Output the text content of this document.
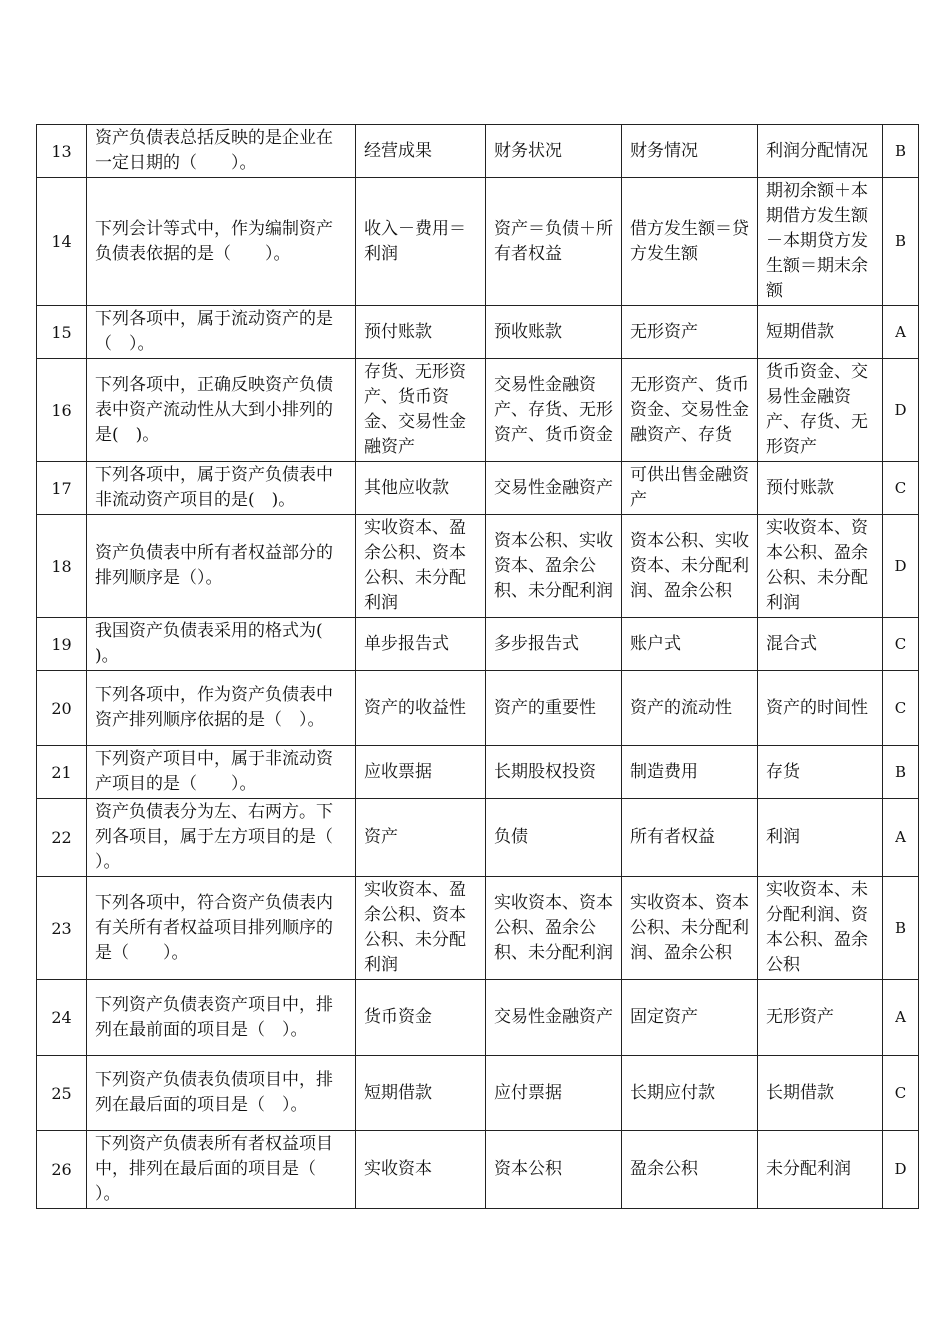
13	资产负债表总括反映的是企业在一定日期的（　　）。	经营成果	财务状况	财务情况	利润分配情况	B
14	下列会计等式中，作为编制资产负债表依据的是（　　）。	收入－费用＝利润	资产＝负债＋所有者权益	借方发生额＝贷方发生额	期初余额＋本期借方发生额－本期贷方发生额＝期末余额	B
15	下列各项中，属于流动资产的是（　）。	预付账款	预收账款	无形资产	短期借款	A
16	下列各项中，正确反映资产负债表中资产流动性从大到小排列的是(　)。	存货、无形资产、货币资金、交易性金融资产	交易性金融资产、存货、无形资产、货币资金	无形资产、货币资金、交易性金融资产、存货	货币资金、交易性金融资产、存货、无形资产	D
17	下列各项中，属于资产负债表中非流动资产项目的是(　)。	其他应收款	交易性金融资产	可供出售金融资产	预付账款	C
18	资产负债表中所有者权益部分的排列顺序是（）。	实收资本、盈余公积、资本公积、未分配利润	资本公积、实收资本、盈余公积、未分配利润	资本公积、实收资本、未分配利润、盈余公积	实收资本、资本公积、盈余公积、未分配利润	D
19	我国资产负债表采用的格式为(　　　)。	单步报告式	多步报告式	账户式	混合式	C
20	下列各项中，作为资产负债表中资产排列顺序依据的是（　）。	资产的收益性	资产的重要性	资产的流动性	资产的时间性	C
21	下列资产项目中，属于非流动资产项目的是（　　）。	应收票据	长期股权投资	制造费用	存货	B
22	资产负债表分为左、右两方。下列各项目，属于左方项目的是（　　）。	资产	负债	所有者权益	利润	A
23	下列各项中，符合资产负债表内有关所有者权益项目排列顺序的是（　　）。	实收资本、盈余公积、资本公积、未分配利润	实收资本、资本公积、盈余公积、未分配利润	实收资本、资本公积、未分配利润、盈余公积	实收资本、未分配利润、资本公积、盈余公积	B
24	下列资产负债表资产项目中，排列在最前面的项目是（　）。	货币资金	交易性金融资产	固定资产	无形资产	A
25	下列资产负债表负债项目中，排列在最后面的项目是（　）。	短期借款	应付票据	长期应付款	长期借款	C
26	下列资产负债表所有者权益项目中，排列在最后面的项目是（　　）。	实收资本	资本公积	盈余公积	未分配利润	D
